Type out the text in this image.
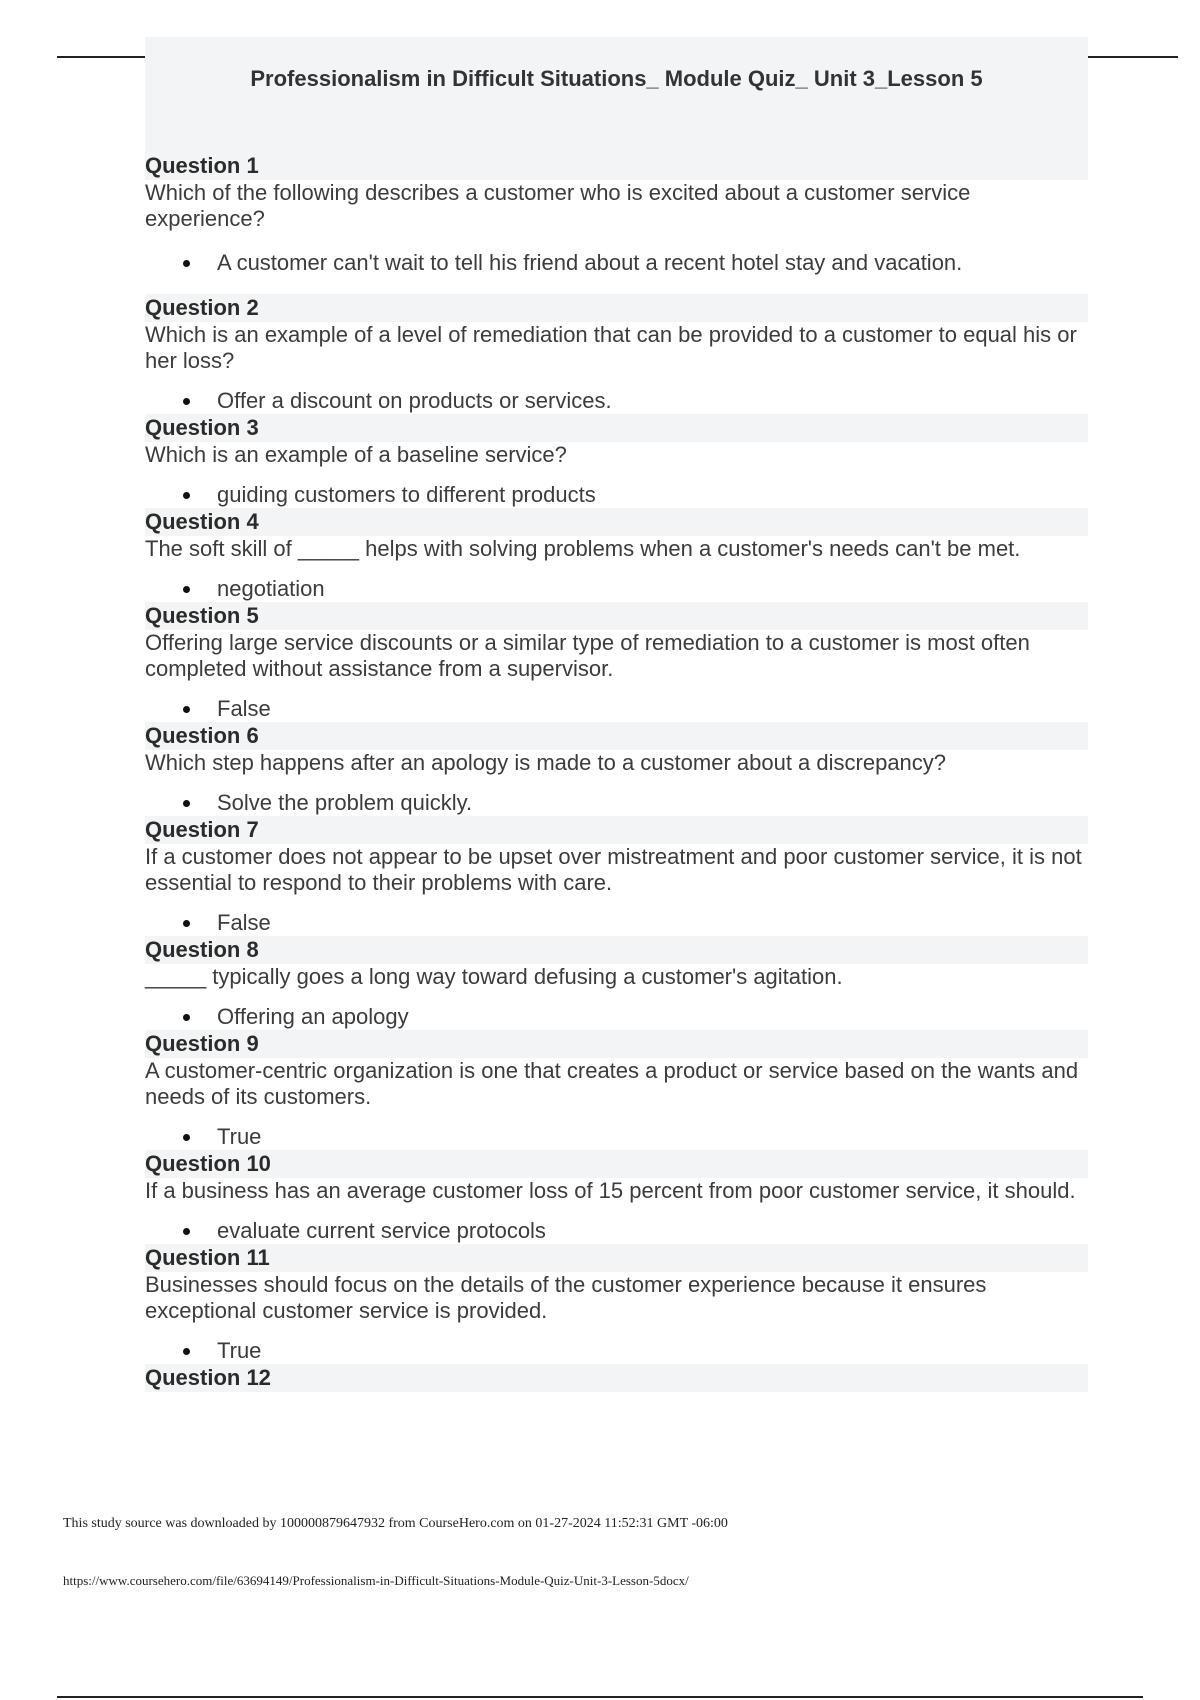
Professionalism in Difficult Situations_ Module Quiz_ Unit 3_Lesson 5
Question 1
Which of the following describes a customer who is excited about a customer service experience?
A customer can't wait to tell his friend about a recent hotel stay and vacation.
Question 2
Which is an example of a level of remediation that can be provided to a customer to equal his or her loss?
Offer a discount on products or services.
Question 3
Which is an example of a baseline service?
guiding customers to different products
Question 4
The soft skill of _____ helps with solving problems when a customer's needs can't be met.
negotiation
Question 5
Offering large service discounts or a similar type of remediation to a customer is most often completed without assistance from a supervisor.
False
Question 6
Which step happens after an apology is made to a customer about a discrepancy?
Solve the problem quickly.
Question 7
If a customer does not appear to be upset over mistreatment and poor customer service, it is not essential to respond to their problems with care.
False
Question 8
_____ typically goes a long way toward defusing a customer's agitation.
Offering an apology
Question 9
A customer-centric organization is one that creates a product or service based on the wants and needs of its customers.
True
Question 10
If a business has an average customer loss of 15 percent from poor customer service, it should.
evaluate current service protocols
Question 11
Businesses should focus on the details of the customer experience because it ensures exceptional customer service is provided.
True
Question 12
This study source was downloaded by 100000879647932 from CourseHero.com on 01-27-2024 11:52:31 GMT -06:00
https://www.coursehero.com/file/63694149/Professionalism-in-Difficult-Situations-Module-Quiz-Unit-3-Lesson-5docx/
